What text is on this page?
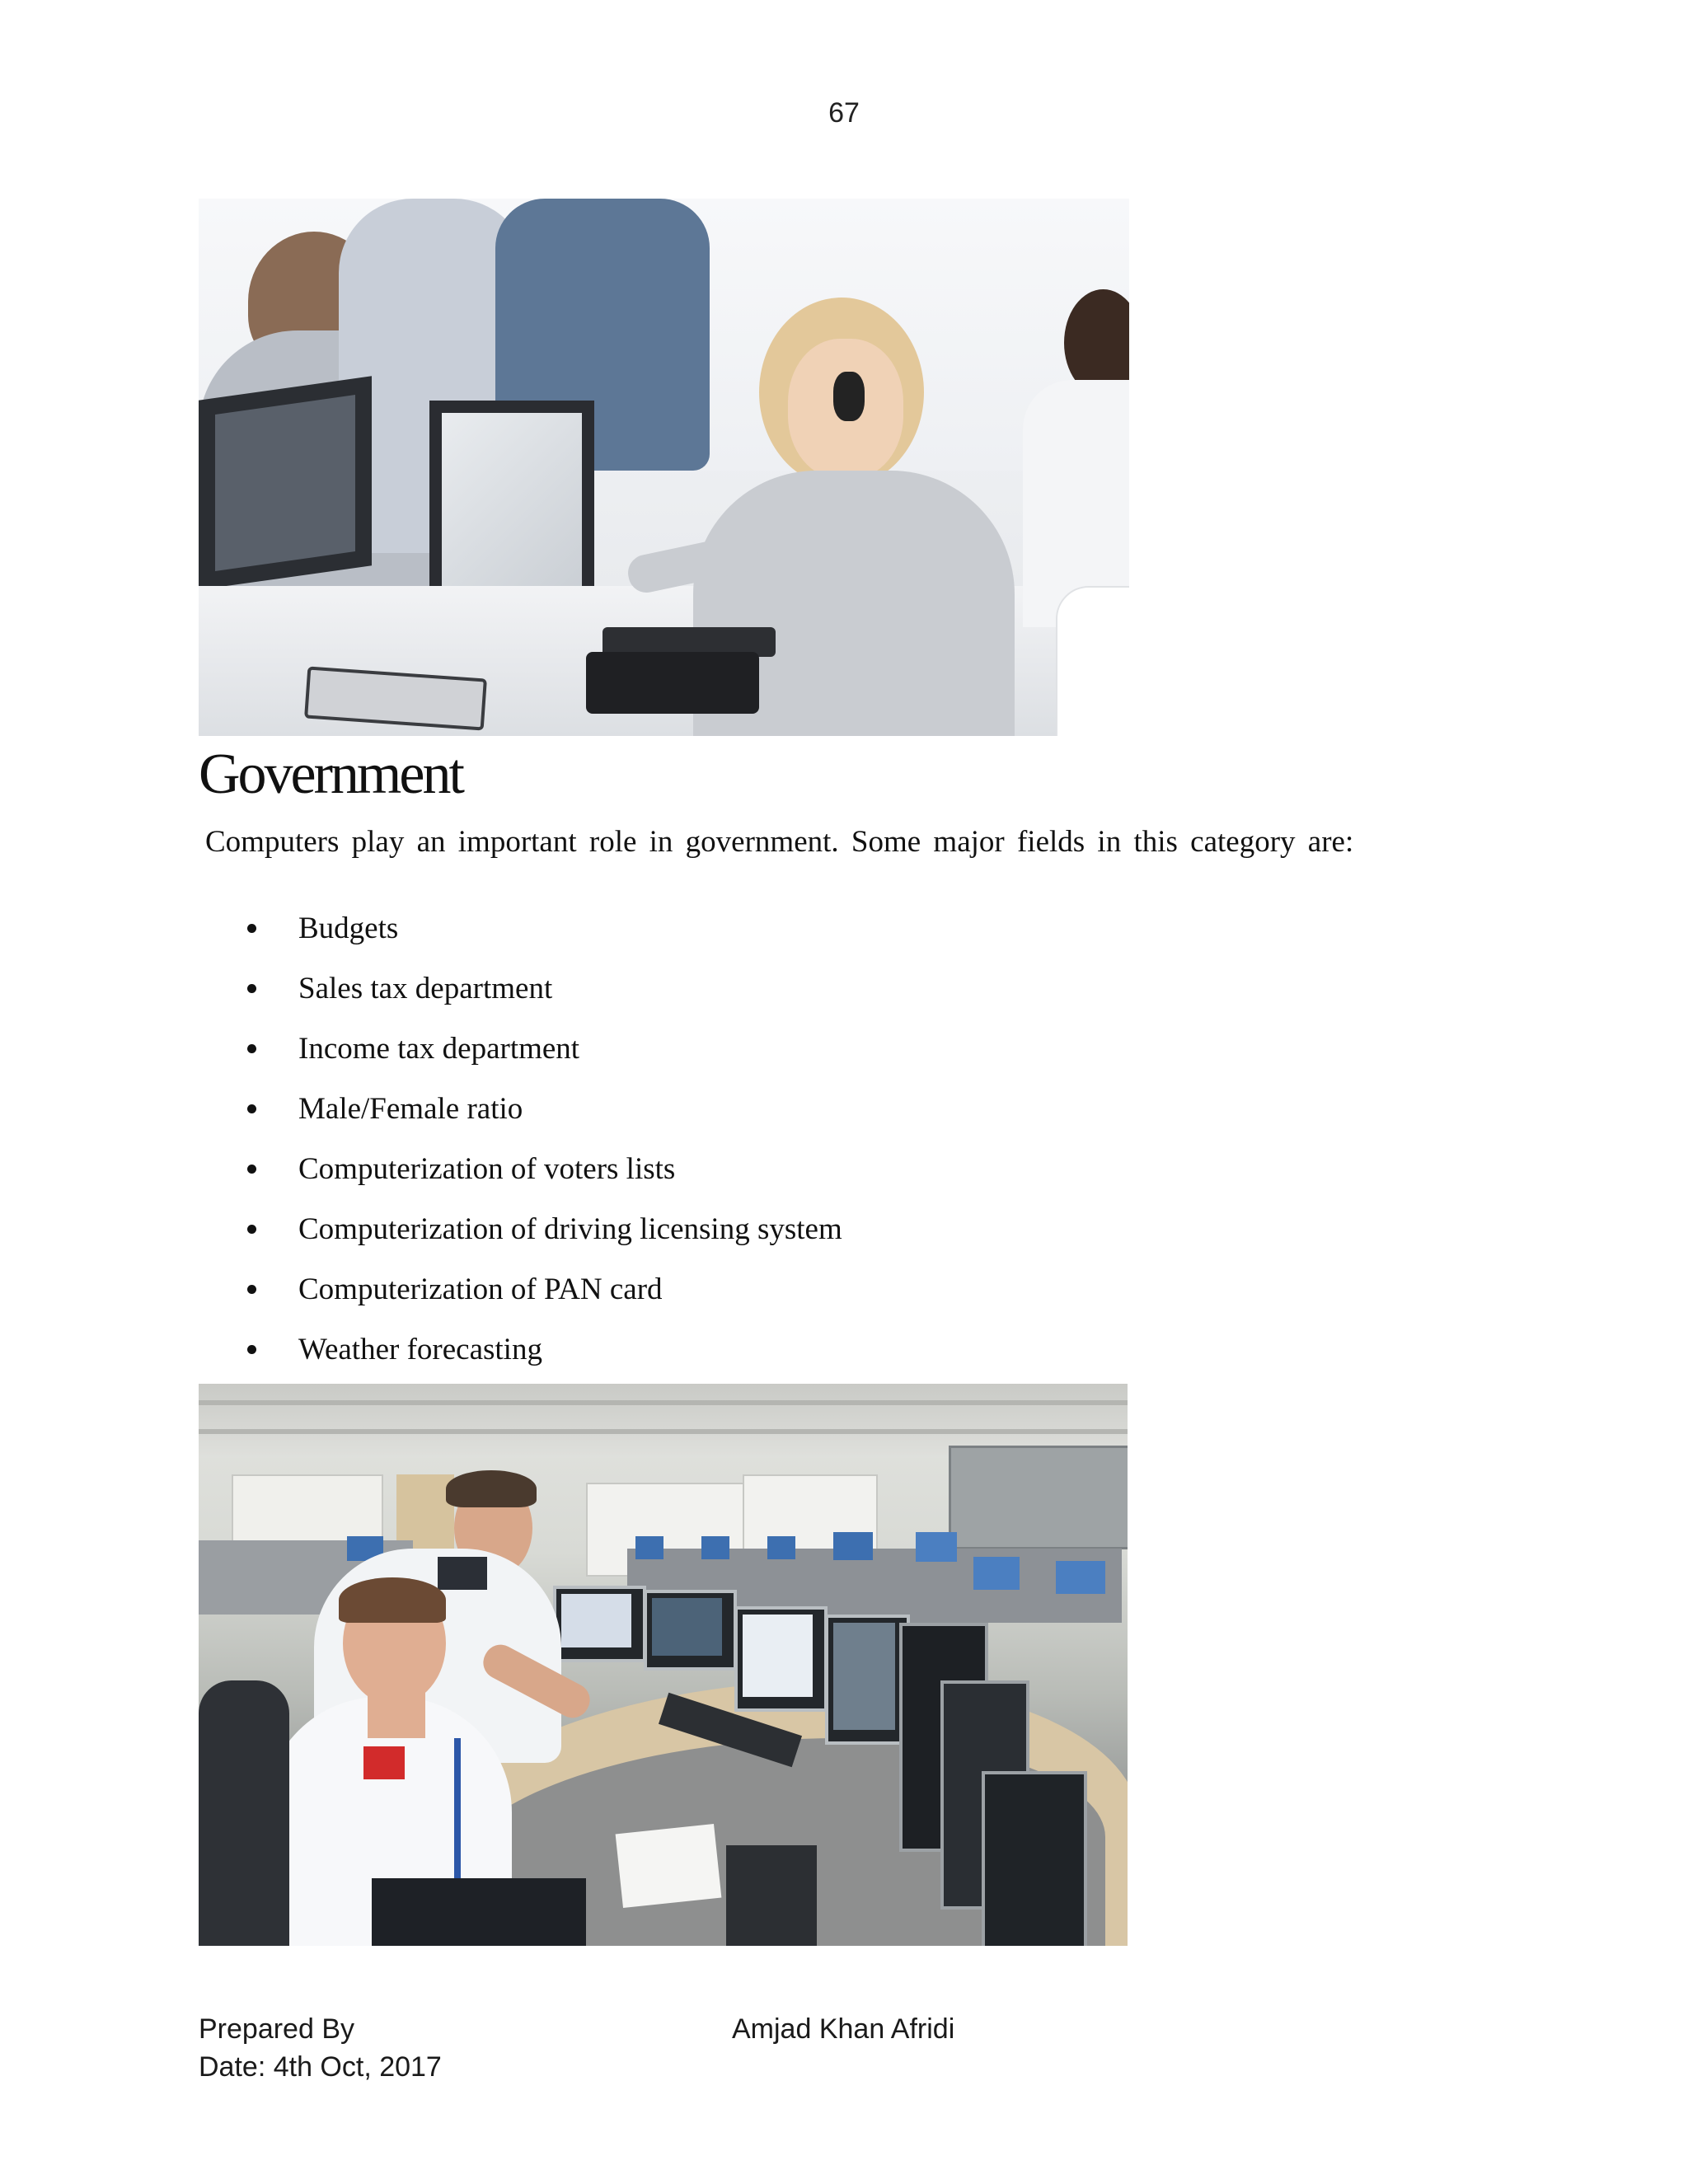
67
Government
Computers play an important role in government. Some major fields in this category are:
Budgets
Sales tax department
Income tax department
Male/Female ratio
Computerization of voters lists
Computerization of driving licensing system
Computerization of PAN card
Weather forecasting
Prepared By	Amjad Khan Afridi
Date: 4th Oct, 2017
